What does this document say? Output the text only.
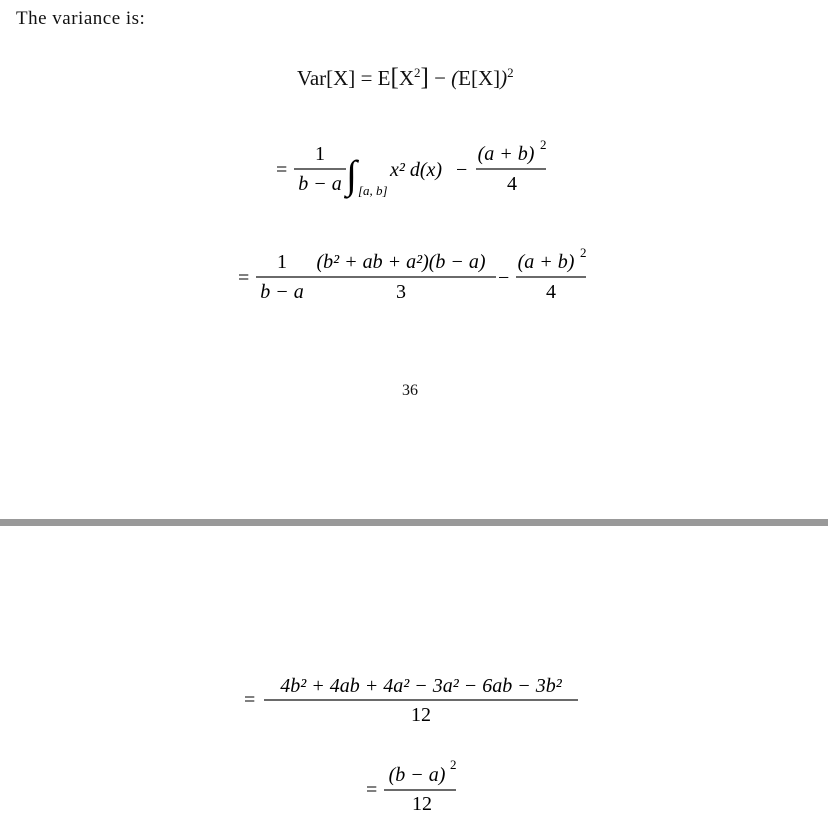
The variance is:
$Var[X] = E[X^2] - (E[X])^2$
=
1
b − a ∫ [a, b]
x² d(x) −
(a + b) 2
4
=
1
b − a
(b² + ab + a²)(b − a)
3
−
(a + b) 2
4
36
=
4b² + 4ab + 4a² − 3a² − 6ab − 3b²
12
=
(b − a) 2
12
